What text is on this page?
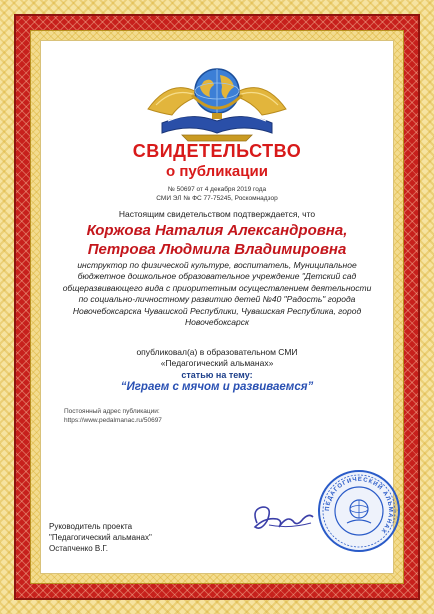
СВИДЕТЕЛЬСТВО
о публикации
№ 50697 от 4 декабря 2019 года
СМИ ЭЛ № ФС 77-75245, Роскомнадзор
Настоящим свидетельством подтверждается, что
Коржова Наталия Александровна,
Петрова Людмила Владимировна
инструктор по физической культуре, воспитатель, Муниципальное бюджетное дошкольное образовательное учреждение "Детский сад общеразвивающего вида с приоритетным осуществлением деятельности по социально-личностному развитию детей №40 "Радость" города Новочебоксарска Чувашской Республики, Чувашская Республика, город Новочебоксарск
опубликовал(а) в образовательном СМИ
«Педагогический альманах»
статью на тему:
“Играем с мячом и развиваемся”
Постоянный адрес публикации:
https://www.pedalmanac.ru/50697
Руководитель проекта
"Педагогический альманах"
Остапченко В.Г.
ПЕДАГОГИЧЕСКИЙ АЛЬМАНАХ
